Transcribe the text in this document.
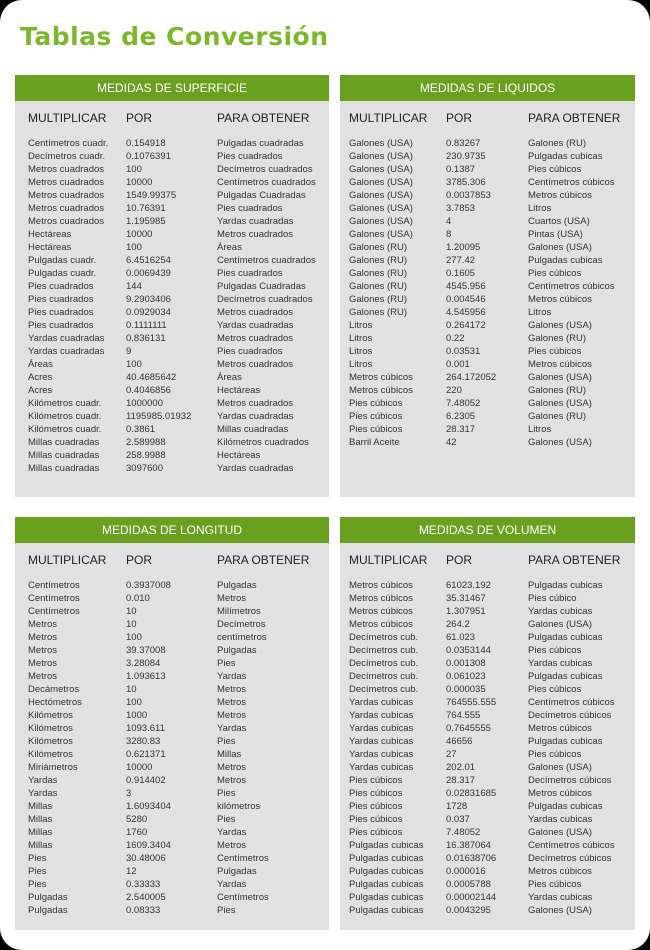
Tablas de Conversión
MEDIDAS DE SUPERFICIE
MULTIPLICAR POR	PARA OBTENER
Centímetros cuadr. 0.154918	Pulgadas cuadradas
Decímetros cuadr. 0.1076391	Pies cuadrados
Metros cuadrados 100	Decímetros cuadrados
Metros cuadrados 10000	Centímetros cuadrados
Metros cuadrados 1549.99375	Pulgadas Cuadradas
Metros cuadrados 10.76391	Pies cuadrados
Metros cuadrados 1.195985	Yardas cuadradas
Hectáreas	10000	Metros cuadrados
Hectáreas	100	Áreas
Pulgadas cuadr.	6.4516254	Centímetros cuadrados
Pulgadas cuadr.	0.0069439	Pies cuadrados
Pies cuadrados	144	Pulgadas Cuadradas
Pies cuadrados	9.2903406	Decímetros cuadrados
Pies cuadrados	0.0929034	Metros cuadrados
Pies cuadrados	0.1111111	Yardas cuadradas
Yardas cuadradas 0.836131	Metros cuadrados
Yardas cuadradas 9	Pies cuadrados
Áreas	100	Metros cuadrados
Acres	40.4685642	Áreas
Acres	0.4046856	Hectáreas
Kilómetros cuadr.	1000000	Metros cuadrados
Kilómetros cuadr.	1195985.01932	Yardas cuadradas
Kilómetros cuadr.	0.3861	Millas cuadradas
Millas cuadradas	2.589988	Kilómetros cuadrados
Millas cuadradas	258.9988	Hectáreas
Millas cuadradas	3097600	Yardas cuadradas
MEDIDAS DE LIQUIDOS
MULTIPLICAR POR	PARA OBTENER
Galones (USA)	0.83267	Galones (RU)
Galones (USA)	230.9735	Pulgadas cubicas
Galones (USA)	0.1387	Pies cúbicos
Galones (USA)	3785.306	Centímetros cúbicos
Galones (USA)	0.0037853	Metros cúbicos
Galones (USA)	3.7853	Litros
Galones (USA)	4	Cuartos (USA)
Galones (USA)	8	Pintas (USA)
Galones (RU)	1.20095	Galones (USA)
Galones (RU)	277.42	Pulgadas cubicas
Galones (RU)	0.1605	Pies cúbicos
Galones (RU)	4545.956	Centímetros cúbicos
Galones (RU)	0.004546	Metros cúbicos
Galones (RU)	4.545956	Litros
Litros	0.264172	Galones (USA)
Litros	0.22	Galones (RU)
Litros	0.03531	Pies cúbicos
Litros	0.001	Metros cúbicos
Metros cúbicos	264.172052	Galones (USA)
Metros cúbicos	220	Galones (RU)
Pies cúbicos	7.48052	Galones (USA)
Pies cúbicos	6.2305	Galones (RU)
Pies cúbicos	28.317	Litros
Barril Aceite	42	Galones (USA)
MEDIDAS DE LONGITUD
MULTIPLICAR POR	PARA OBTENER
Centímetros	0.3937008	Pulgadas
Centímetros	0.010	Metros
Centímetros	10	Milímetros
Metros	10	Decímetros
Metros	100	centímetros
Metros	39.37008	Pulgadas
Metros	3.28084	Pies
Metros	1.093613	Yardas
Decámetros	10	Metros
Hectómetros	100	Metros
Kilómetros	1000	Metros
Kilómetros	1093.611	Yardas
Kilómetros	3280.83	Pies
Kilómetros	0.621371	Millas
Miriámetros	10000	Metros
Yardas	0.914402	Metros
Yardas	3	Pies
Millas	1.6093404	kilómetros
Millas	5280	Pies
Millas	1760	Yardas
Millas	1609.3404	Metros
Pies	30.48006	Centímetros
Pies	12	Pulgadas
Pies	0.33333	Yardas
Pulgadas	2.540005	Centímetros
Pulgadas	0.08333	Pies
MEDIDAS DE VOLUMEN
MULTIPLICAR POR	PARA OBTENER
Metros cúbicos	61023.192	Pulgadas cubicas
Metros cúbicos	35.31467	Pies cúbico
Metros cúbicos	1.307951	Yardas cubicas
Metros cúbicos	264.2	Galones (USA)
Decímetros cub.	61.023	Pulgadas cubicas
Decímetros cub.	0.0353144	Pies cúbicos
Decímetros cub.	0.001308	Yardas cubicas
Decímetros cub.	0.061023	Pulgadas cubicas
Decímetros cub.	0.000035	Pies cúbicos
Yardas cubicas	764555.555	Centímetros cúbicos
Yardas cubicas	764.555	Decímetros cúbicos
Yardas cubicas	0.7645555	Metros cúbicos
Yardas cubicas	46656	Pulgadas cubicas
Yardas cubicas	27	Pies cúbicos
Yardas cubicas	202.01	Galones (USA)
Pies cúbicos	28.317	Decímetros cúbicos
Pies cúbicos	0.02831685	Metros cúbicos
Pies cúbicos	1728	Pulgadas cubicas
Pies cúbicos	0.037	Yardas cubicas
Pies cúbicos	7.48052	Galones (USA)
Pulgadas cubicas 16.387064	Centímetros cúbicos
Pulgadas cubicas 0.01638706	Decímetros cúbicos
Pulgadas cubicas 0.000016	Metros cúbicos
Pulgadas cubicas 0.0005788	Pies cúbicos
Pulgadas cubicas 0.00002144	Yardas cubicas
Pulgadas cubicas 0.0043295	Galones (USA)
